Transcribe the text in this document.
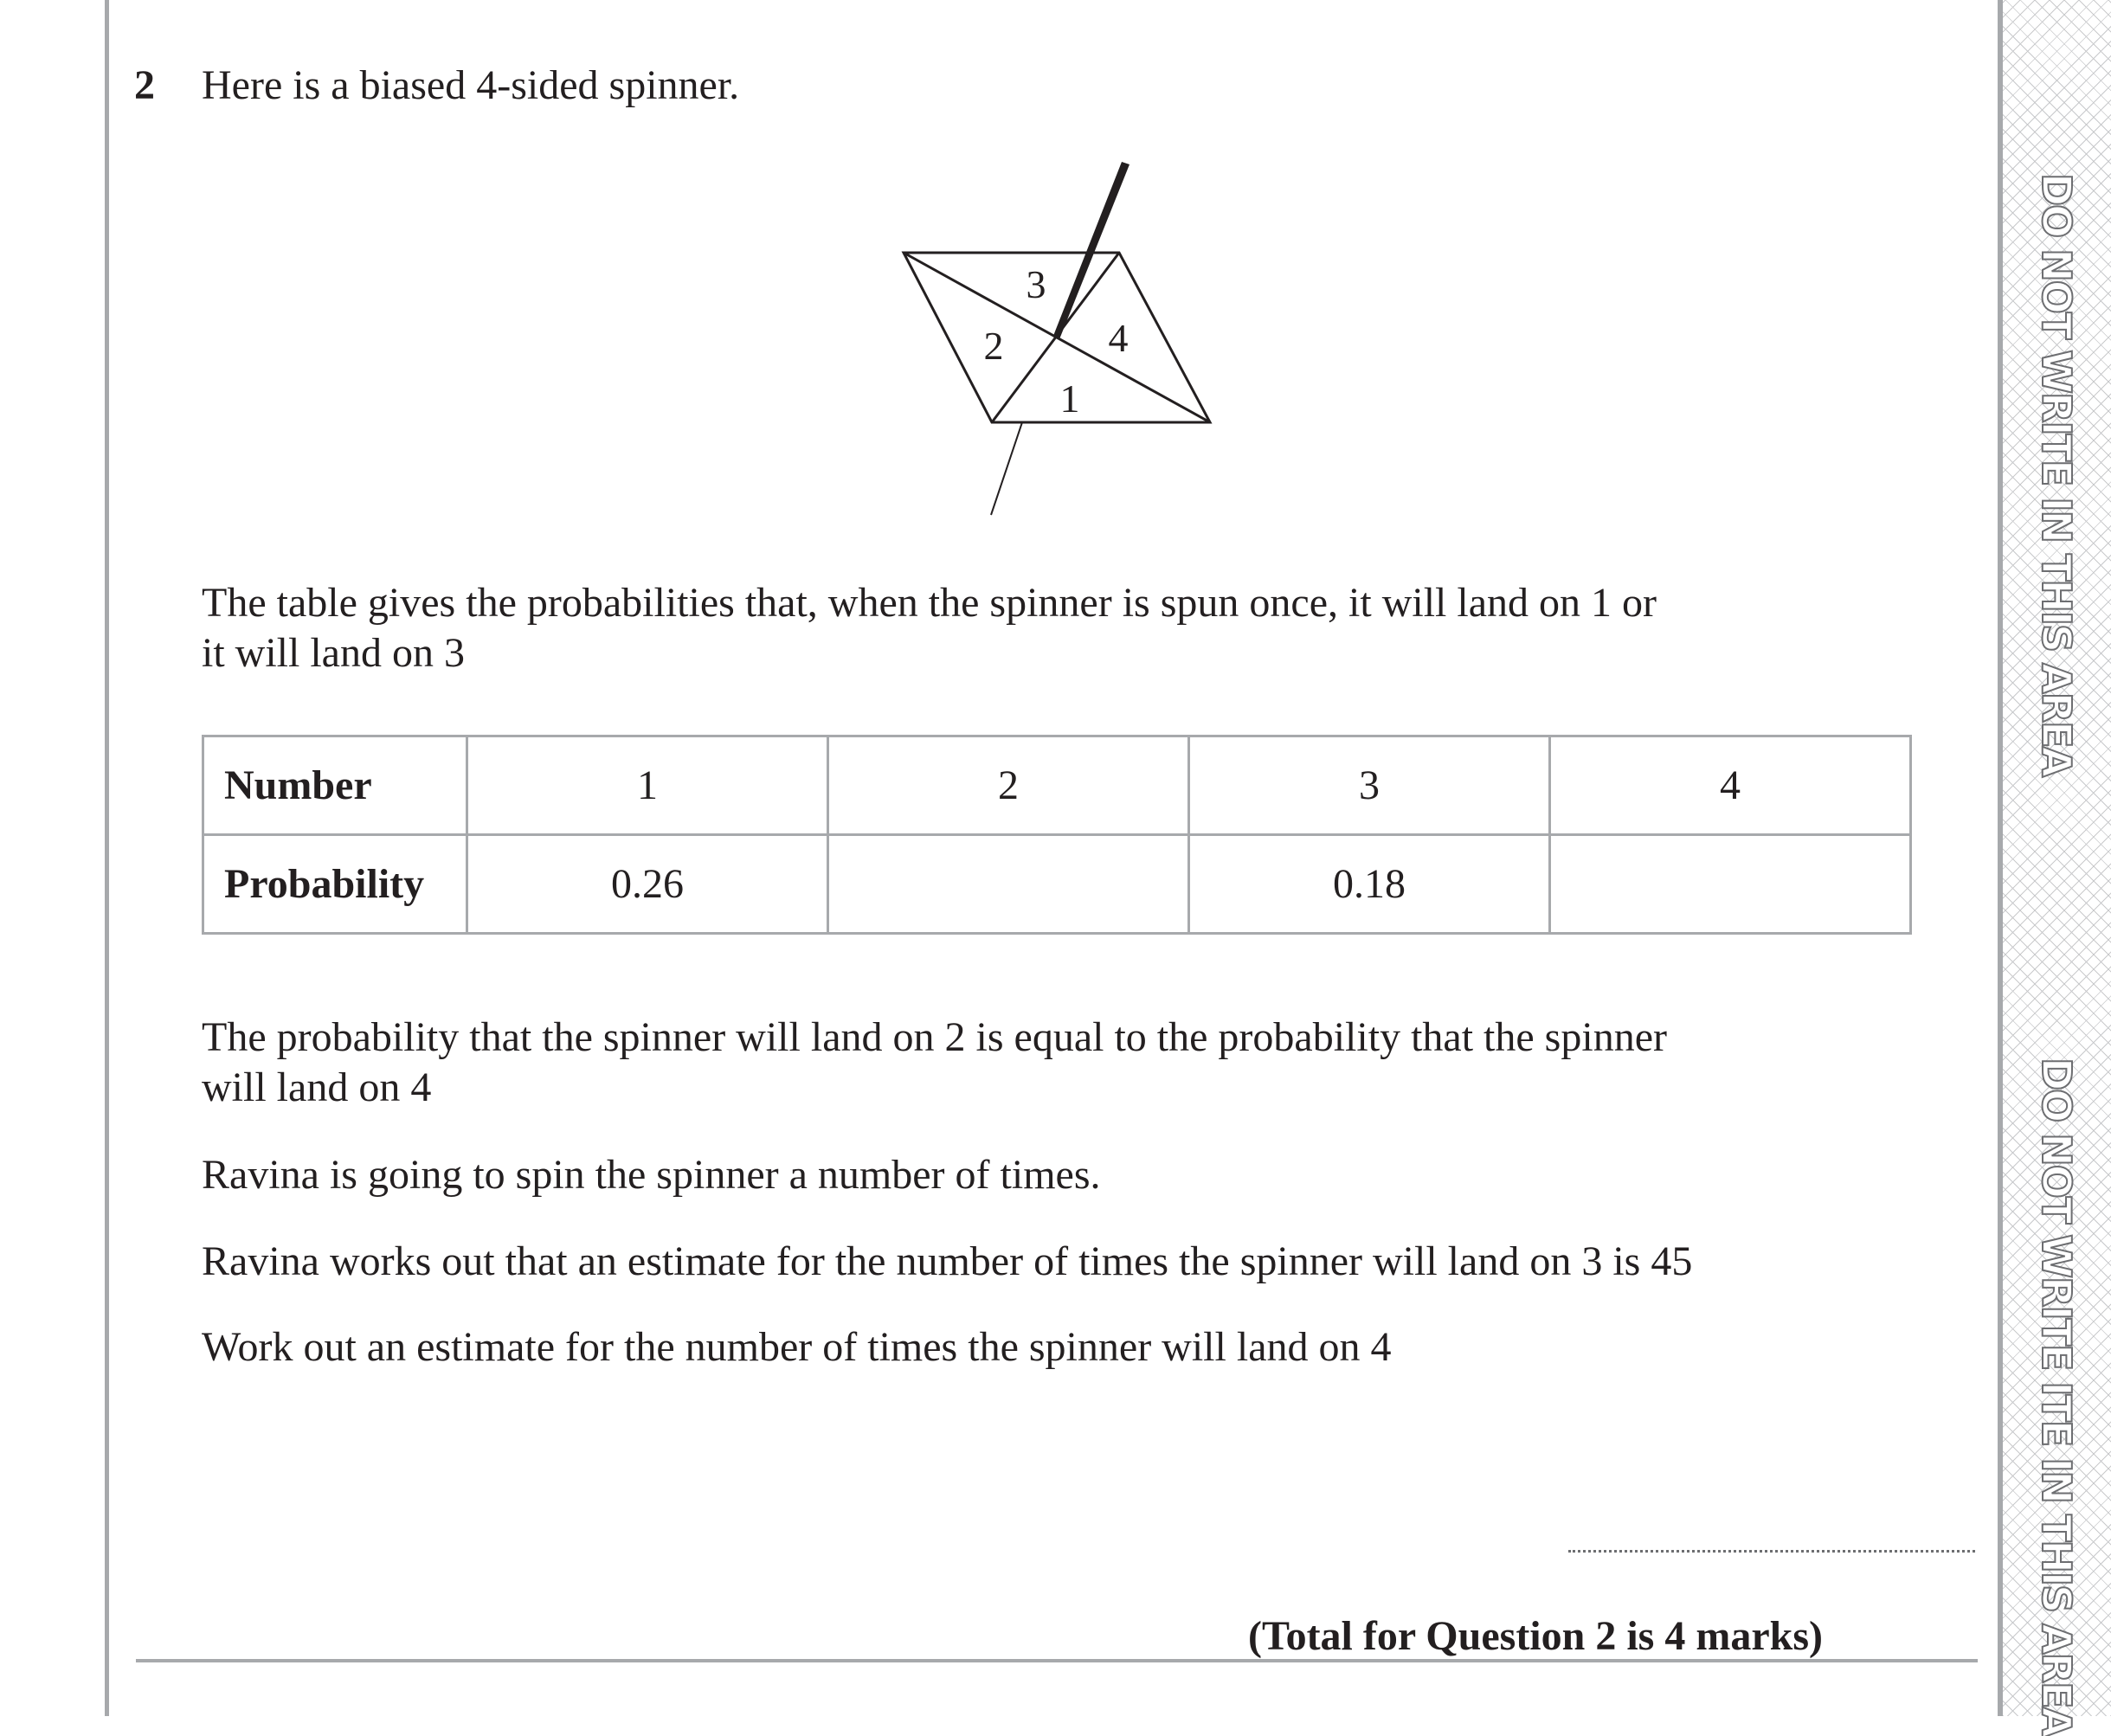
DO NOT WRITE IN THIS AREA
DO NOT WRITE ITE IN THIS AREA
2 Here is a biased 4-sided spinner.
1
2
3
4
The table gives the probabilities that, when the spinner is spun once, it will land on 1 or
it will land on 3
Number	1	2	3	4
Probability	0.26		0.18	
The probability that the spinner will land on 2 is equal to the probability that the spinner
will land on 4
Ravina is going to spin the spinner a number of times.
Ravina works out that an estimate for the number of times the spinner will land on 3 is 45
Work out an estimate for the number of times the spinner will land on 4
(Total for Question 2 is 4 marks)
